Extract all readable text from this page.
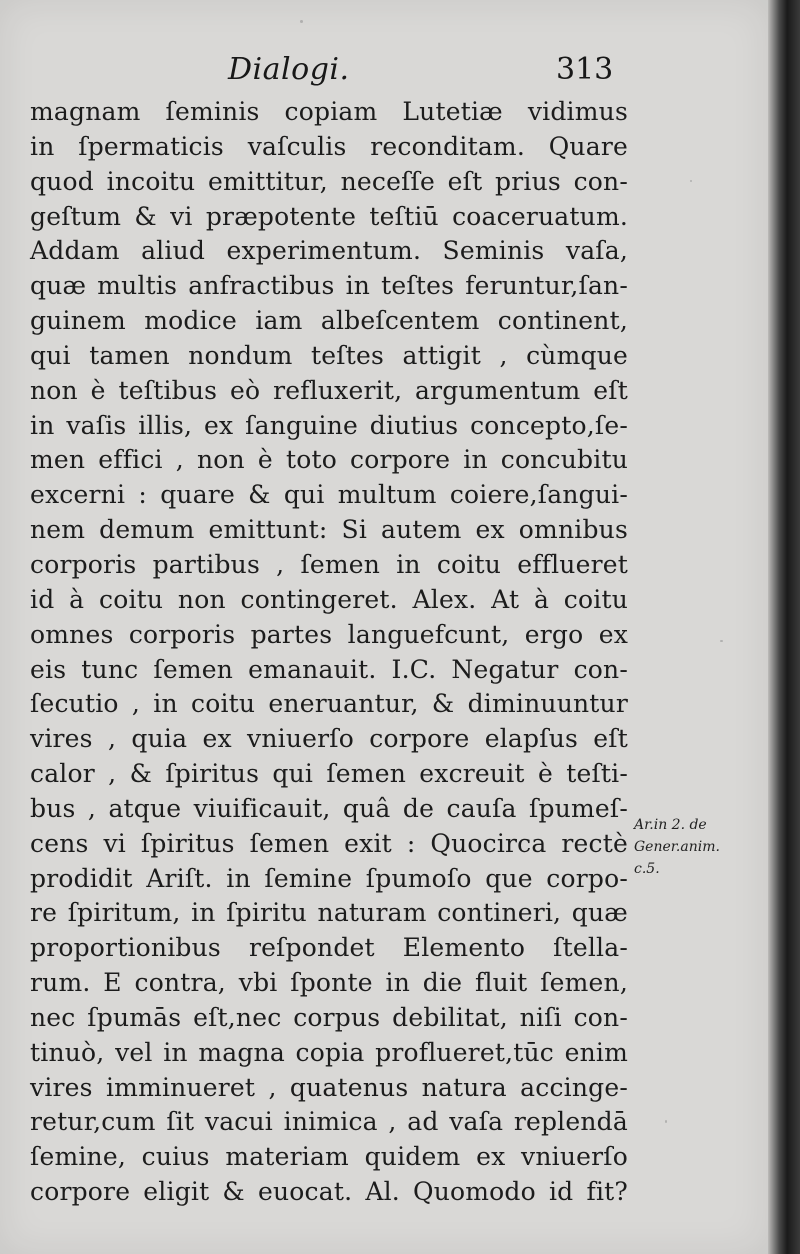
Dialogi.	313
magnam ſeminis copiam Lutetiæ vidimus
in ſpermaticis vaſculis reconditam. Quare
quod incoitu emittitur, neceſſe eſt prius con-
geſtum & vi præpotente teſtiū coaceruatum.
Addam aliud experimentum. Seminis vaſa,
quæ multis anfractibus in teſtes feruntur,ſan-
guinem modice iam albeſcentem continent,
qui tamen nondum teſtes attigit , cùmque
non è teſtibus eò refluxerit, argumentum eſt
in vaſis illis, ex ſanguine diutius concepto,ſe-
men effici , non è toto corpore in concubitu
excerni : quare & qui multum coiere,ſangui-
nem demum emittunt: Si autem ex omnibus
corporis partibus , ſemen in coitu efflueret
id à coitu non contingeret. Alex. At à coitu
omnes corporis partes languefcunt, ergo ex
eis tunc ſemen emanauit. I.C. Negatur con-
ſecutio , in coitu eneruantur, & diminuuntur
vires , quia ex vniuerſo corpore elapſus eſt
calor , & ſpiritus qui ſemen excreuit è teſti-
bus , atque viuificauit, quâ de cauſa ſpumeſ-
cens vi ſpiritus ſemen exit : Quocirca rectè
prodidit Ariſt. in ſemine ſpumoſo que corpo-
re ſpiritum, in ſpiritu naturam contineri, quæ
proportionibus reſpondet Elemento ſtella-
rum. E contra, vbi ſponte in die fluit ſemen,
nec ſpumās eſt,nec corpus debilitat, niſi con-
tinuò, vel in magna copia proflueret,tūc enim
vires imminueret , quatenus natura accinge-
retur,cum ſit vacui inimica , ad vaſa replendā
ſemine, cuius materiam quidem ex vniuerſo
corpore eligit & euocat. Al. Quomodo id fit?
Ar.in 2. de
Gener.anim.
c.5.
